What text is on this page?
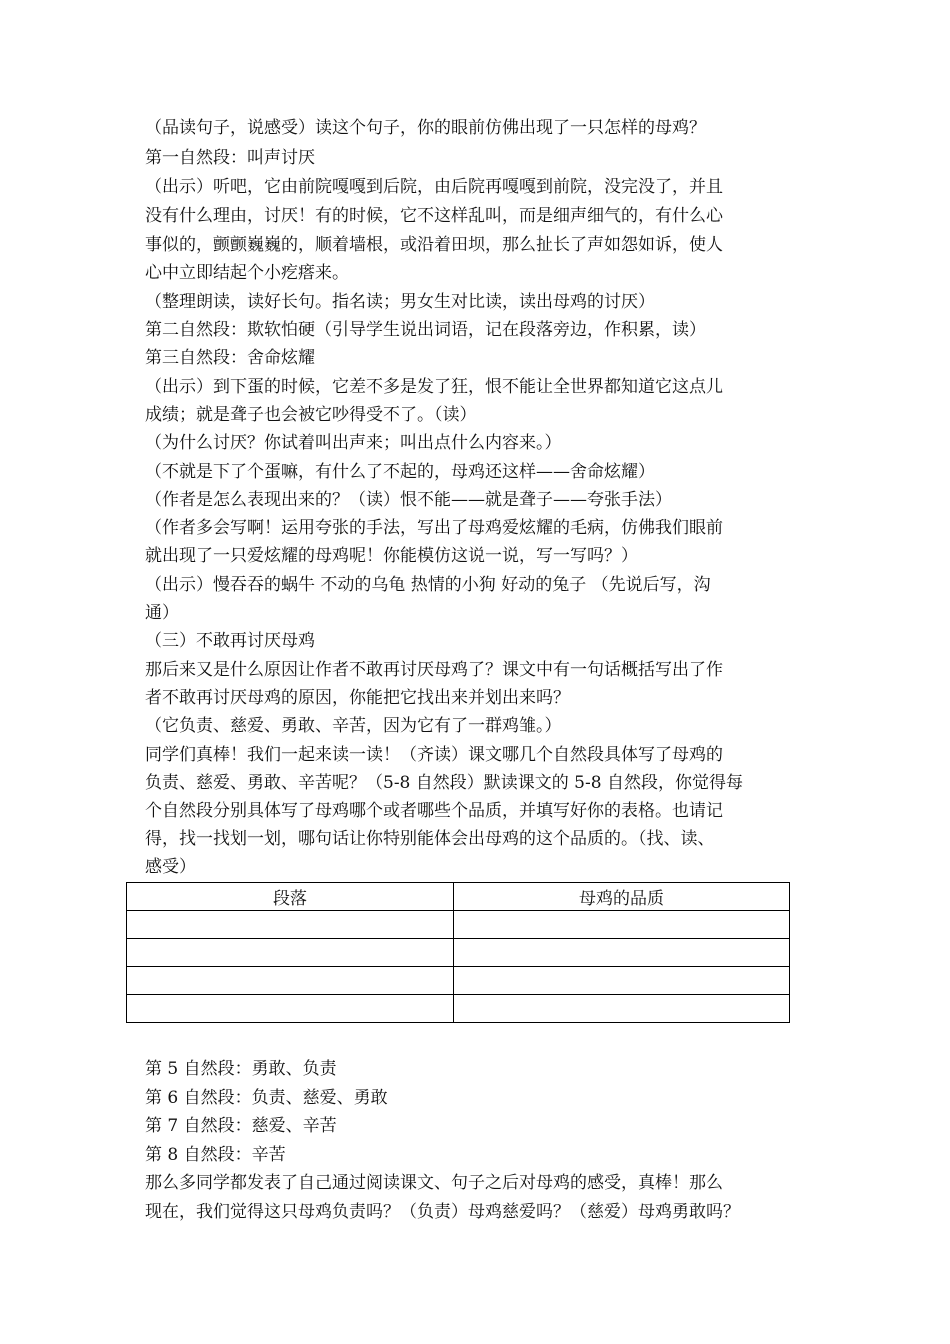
（品读句子，说感受）读这个句子，你的眼前仿佛出现了一只怎样的母鸡？
第一自然段：叫声讨厌
（出示）听吧，它由前院嘎嘎到后院，由后院再嘎嘎到前院，没完没了，并且
没有什么理由，讨厌！有的时候，它不这样乱叫，而是细声细气的，有什么心
事似的，颤颤巍巍的，顺着墙根，或沿着田坝，那么扯长了声如怨如诉，使人
心中立即结起个小疙瘩来。
（整理朗读，读好长句。指名读；男女生对比读，读出母鸡的讨厌）
第二自然段：欺软怕硬（引导学生说出词语，记在段落旁边，作积累，读）
第三自然段：舍命炫耀
（出示）到下蛋的时候，它差不多是发了狂，恨不能让全世界都知道它这点儿
成绩；就是聋子也会被它吵得受不了。（读）
（为什么讨厌？你试着叫出声来；叫出点什么内容来。）
（不就是下了个蛋嘛，有什么了不起的，母鸡还这样——舍命炫耀）
（作者是怎么表现出来的？（读）恨不能——就是聋子——夸张手法）
（作者多会写啊！运用夸张的手法，写出了母鸡爱炫耀的毛病，仿佛我们眼前
就出现了一只爱炫耀的母鸡呢！你能模仿这说一说，写一写吗？）
（出示）慢吞吞的蜗牛 不动的乌龟 热情的小狗 好动的兔子 （先说后写，沟
通）
（三）不敢再讨厌母鸡
那后来又是什么原因让作者不敢再讨厌母鸡了？课文中有一句话概括写出了作
者不敢再讨厌母鸡的原因，你能把它找出来并划出来吗？
（它负责、慈爱、勇敢、辛苦，因为它有了一群鸡雏。）
同学们真棒！我们一起来读一读！（齐读）课文哪几个自然段具体写了母鸡的
负责、慈爱、勇敢、辛苦呢？（5-8 自然段）默读课文的 5-8 自然段，你觉得每
个自然段分别具体写了母鸡哪个或者哪些个品质，并填写好你的表格。也请记
得，找一找划一划，哪句话让你特别能体会出母鸡的这个品质的。（找、读、
感受）
段落	母鸡的品质

第 5 自然段：勇敢、负责
第 6 自然段：负责、慈爱、勇敢
第 7 自然段：慈爱、辛苦
第 8 自然段：辛苦
那么多同学都发表了自己通过阅读课文、句子之后对母鸡的感受，真棒！那么
现在，我们觉得这只母鸡负责吗？（负责）母鸡慈爱吗？（慈爱）母鸡勇敢吗？
